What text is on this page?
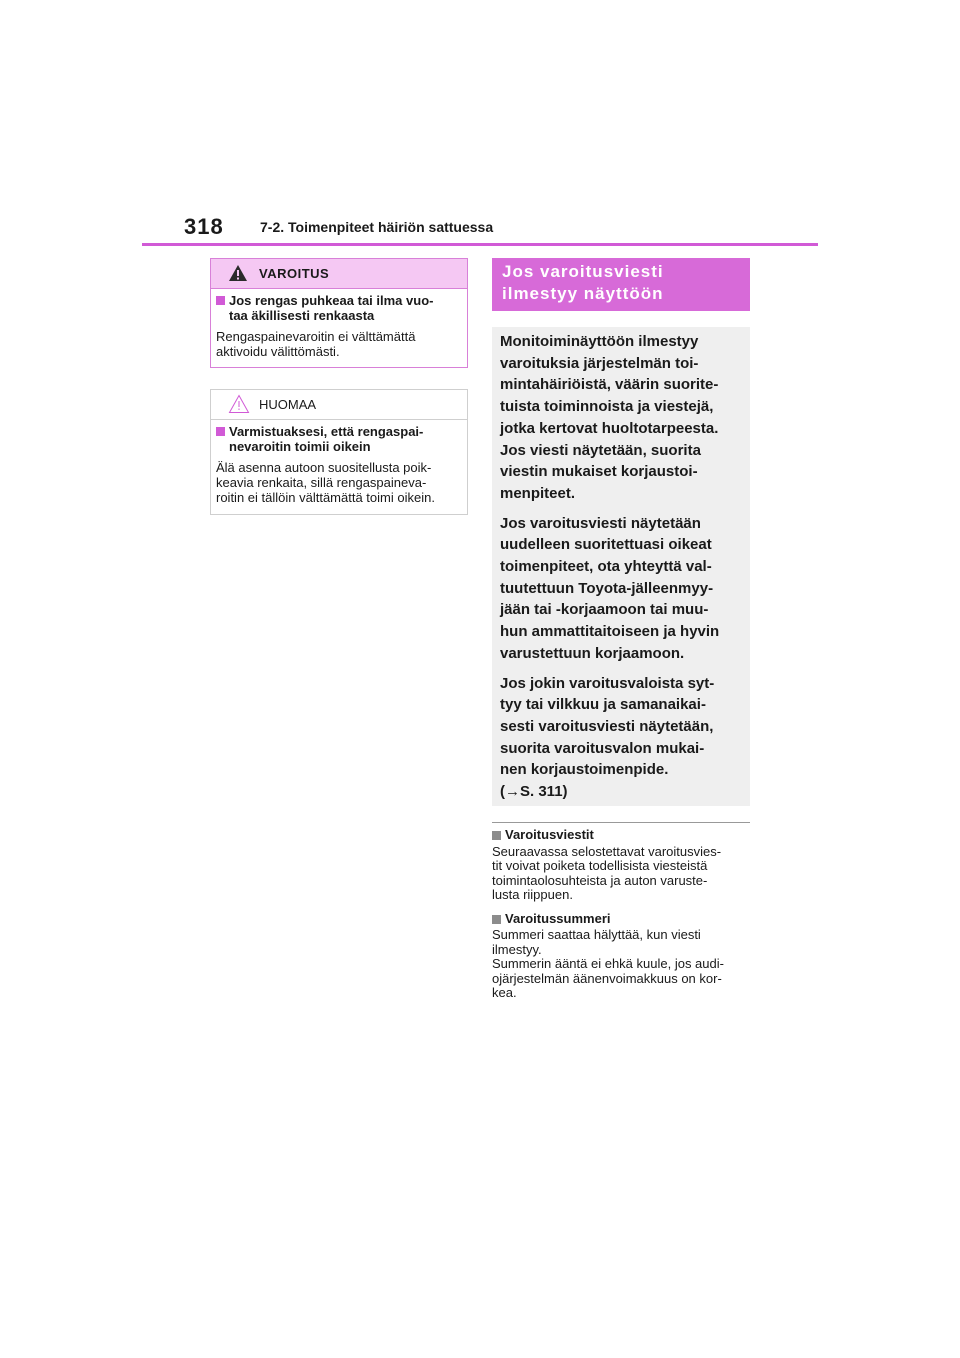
318	7-2. Toimenpiteet häiriön sattuessa
VAROITUS
Jos rengas puhkeaa tai ilma vuo-
taa äkillisesti renkaasta
Rengaspainevaroitin ei välttämättä
aktivoidu välittömästi.
HUOMAA
Varmistuaksesi, että rengaspai-
nevaroitin toimii oikein
Älä asenna autoon suositellusta poik-
keavia renkaita, sillä rengaspaineva-
roitin ei tällöin välttämättä toimi oikein.
Jos varoitusviesti
ilmestyy näyttöön

Monitoiminäyttöön ilmestyy
varoituksia järjestelmän toi-
mintahäiriöistä, väärin suorite-
tuista toiminnoista ja viestejä,
jotka kertovat huoltotarpeesta.
Jos viesti näytetään, suorita
viestin mukaiset korjaustoi-
menpiteet.

Jos varoitusviesti näytetään
uudelleen suoritettuasi oikeat
toimenpiteet, ota yhteyttä val-
tuutettuun Toyota-jälleenmyy-
jään tai -korjaamoon tai muu-
hun ammattitaitoiseen ja hyvin
varustettuun korjaamoon.

Jos jokin varoitusvaloista syt-
tyy tai vilkkuu ja samanaikai-
sesti varoitusviesti näytetään,
suorita varoitusvalon mukai-
nen korjaustoimenpide.
(→S. 311)

Varoitusviestit

Seuraavassa selostettavat varoitusvies-
tit voivat poiketa todellisista viesteistä
toimintaolosuhteista ja auton varuste-
lusta riippuen.

Varoitussummeri

Summeri saattaa hälyttää, kun viesti
ilmestyy.
Summerin ääntä ei ehkä kuule, jos audi-
ojärjestelmän äänenvoimakkuus on kor-
kea.
